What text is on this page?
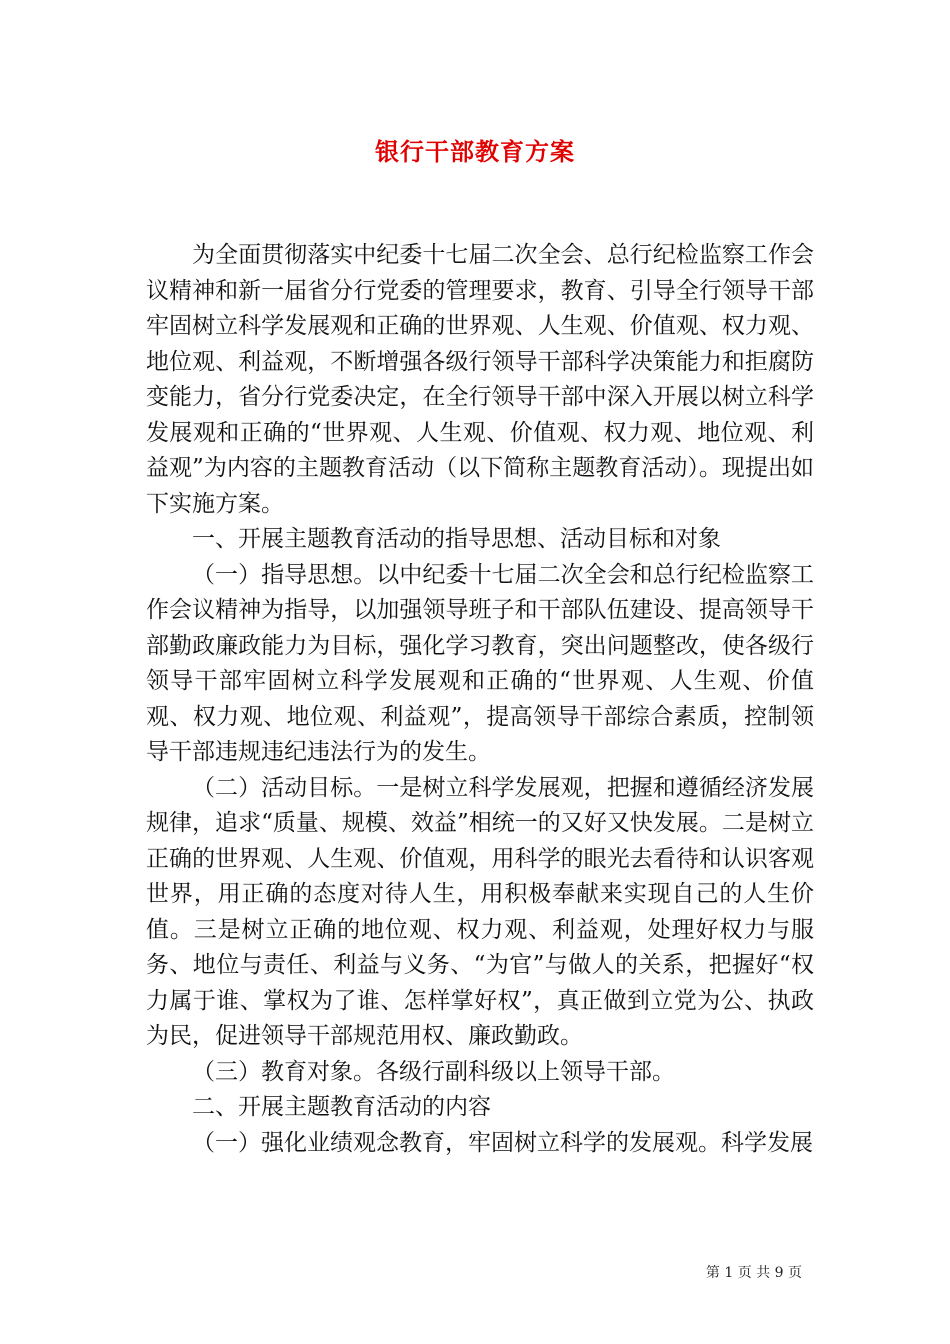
银行干部教育方案

为全面贯彻落实中纪委十七届二次全会、总行纪检监察工作会议精神和新一届省分行党委的管理要求，教育、引导全行领导干部牢固树立科学发展观和正确的世界观、人生观、价值观、权力观、地位观、利益观，不断增强各级行领导干部科学决策能力和拒腐防变能力，省分行党委决定，在全行领导干部中深入开展以树立科学发展观和正确的“世界观、人生观、价值观、权力观、地位观、利益观”为内容的主题教育活动（以下简称主题教育活动）。现提出如下实施方案。

一、开展主题教育活动的指导思想、活动目标和对象

（一）指导思想。以中纪委十七届二次全会和总行纪检监察工作会议精神为指导，以加强领导班子和干部队伍建设、提高领导干部勤政廉政能力为目标，强化学习教育，突出问题整改，使各级行领导干部牢固树立科学发展观和正确的“世界观、人生观、价值观、权力观、地位观、利益观”，提高领导干部综合素质，控制领导干部违规违纪违法行为的发生。

（二）活动目标。一是树立科学发展观，把握和遵循经济发展规律，追求“质量、规模、效益”相统一的又好又快发展。二是树立正确的世界观、人生观、价值观，用科学的眼光去看待和认识客观世界，用正确的态度对待人生，用积极奉献来实现自己的人生价值。三是树立正确的地位观、权力观、利益观，处理好权力与服务、地位与责任、利益与义务、“为官”与做人的关系，把握好“权力属于谁、掌权为了谁、怎样掌好权”，真正做到立党为公、执政为民，促进领导干部规范用权、廉政勤政。

（三）教育对象。各级行副科级以上领导干部。

二、开展主题教育活动的内容

（一）强化业绩观念教育，牢固树立科学的发展观。科学发展

第 1 页 共 9 页
